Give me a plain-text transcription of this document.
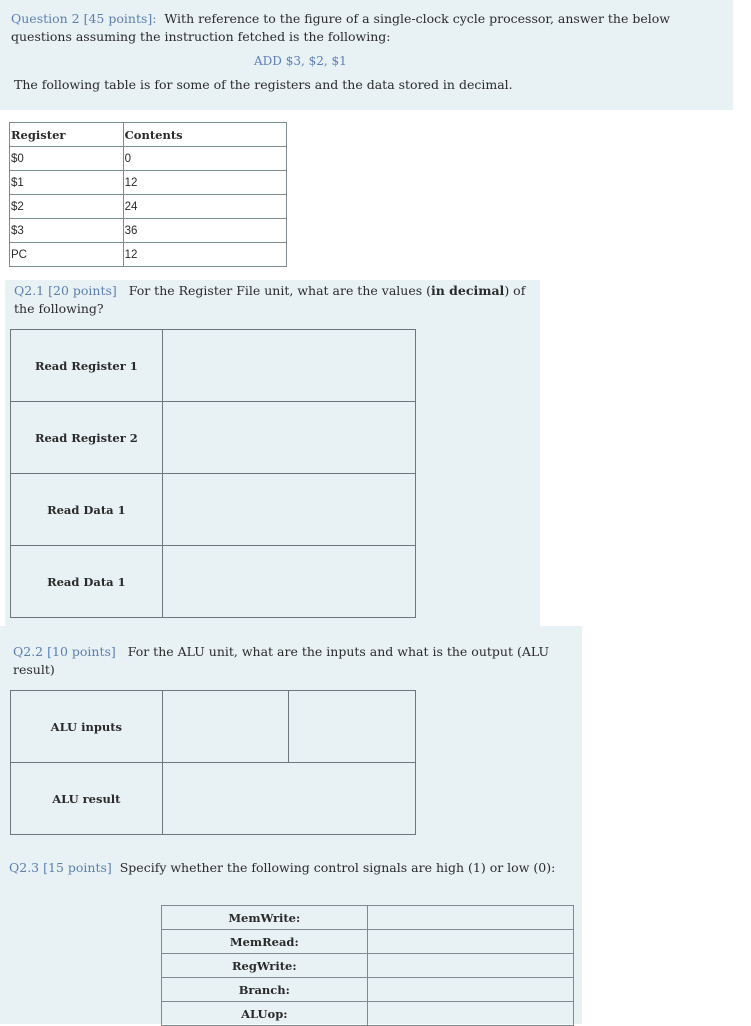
Question 2 [45 points]: With reference to the figure of a single-clock cycle processor, answer the below questions assuming the instruction fetched is the following:
ADD $3, $2, $1
The following table is for some of the registers and the data stored in decimal.
Register	Contents
$0	0
$1	12
$2	24
$3	36
PC	12
Q2.1 [20 points] For the Register File unit, what are the values (in decimal) of the following?
Read Register 1	
Read Register 2	
Read Data 1	
Read Data 1	
Q2.2 [10 points] For the ALU unit, what are the inputs and what is the output (ALU result)
ALU inputs		
ALU result		
Q2.3 [15 points] Specify whether the following control signals are high (1) or low (0):
MemWrite:	
MemRead:	
RegWrite:	
Branch:	
ALUop:	
